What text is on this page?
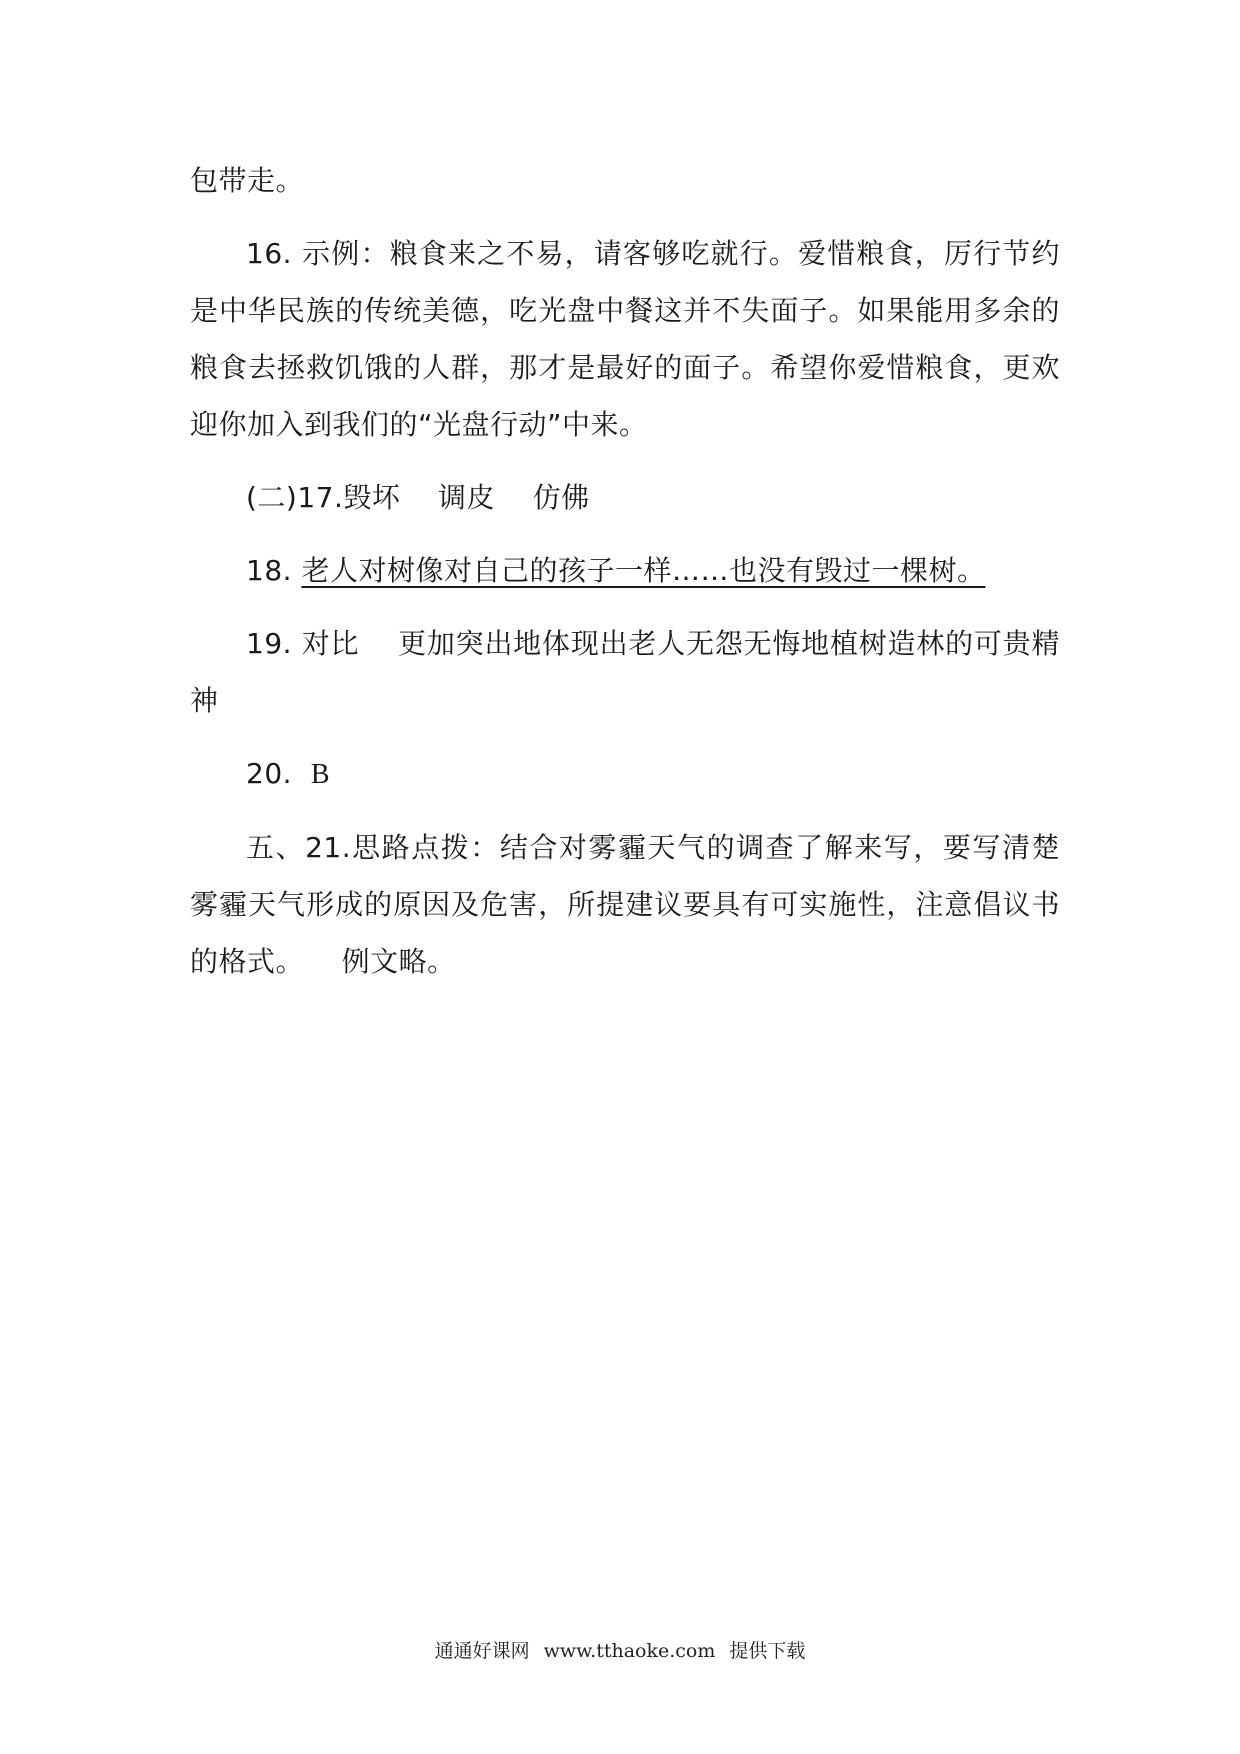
包带走。

16. 示例：粮食来之不易，请客够吃就行。爱惜粮食，厉行节约是中华民族的传统美德，吃光盘中餐这并不失面子。如果能用多余的粮食去拯救饥饿的人群，那才是最好的面子。希望你爱惜粮食，更欢迎你加入到我们的“光盘行动”中来。

(二)17.毁坏 调皮 仿佛

18. 老人对树像对自己的孩子一样……也没有毁过一棵树。

19. 对比 更加突出地体现出老人无怨无悔地植树造林的可贵精神

20. B

五、21.思路点拨：结合对雾霾天气的调查了解来写，要写清楚雾霾天气形成的原因及危害，所提建议要具有可实施性，注意倡议书的格式。 例文略。

通通好课网 www.tthaoke.com 提供下载
